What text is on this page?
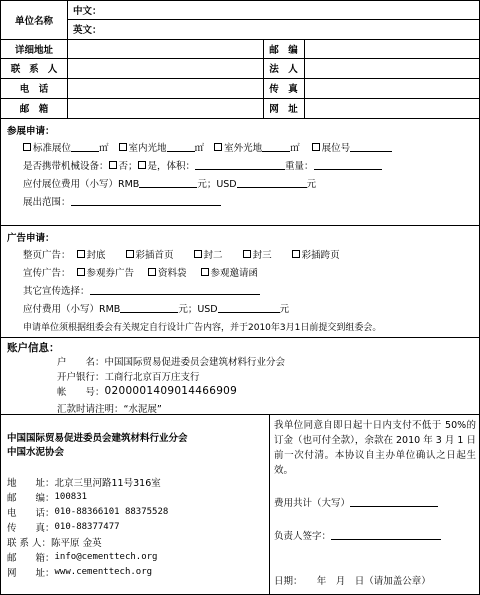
单位名称
中文：
英文：
详细地址	邮　编
联系人	法　人
电　话	传　真
邮　箱	网　址
参展申请：
标准展位	㎡ 室内光地	㎡ 室外光地	㎡ 展位号
是否携带机械设备： 否； 是，体积：	重量：
应付展位费用（小写）RMB	元；USD	元
展出范围：
广告申请：
整页广告： 封底	彩插首页	封二	封三	彩插跨页
宣传广告： 参观券广告	资料袋	参观邀请函
其它宣传选择：
应付费用（小写）RMB	元；USD	元
申请单位须根据组委会有关规定自行设计广告内容，并于2010年3月1日前提交到组委会。
账户信息：
户　　名： 中国国际贸易促进委员会建筑材料行业分会
开户银行： 工商行北京百万庄支行
帐　　号： 0200001409014466909
汇款时请注明：“水泥展”
中国国际贸易促进委员会建筑材料行业分会
中国水泥协会
地　　址： 北京三里河路11号316室
邮　　编： 100831
电　　话： 010-88366101 88375528
传　　真： 010-88377477
联 系 人： 陈平原 金英
邮　　箱： info@cementtech.org
网　　址： www.cementtech.org
我单位同意自即日起十日内支付不低于 50%的订金（也可付全款），余款在 2010 年 3 月 1 日前一次付清。本协议自主办单位确认之日起生效。
费用共计（大写）
负责人签字：
日期：　　年　月　日（请加盖公章）
